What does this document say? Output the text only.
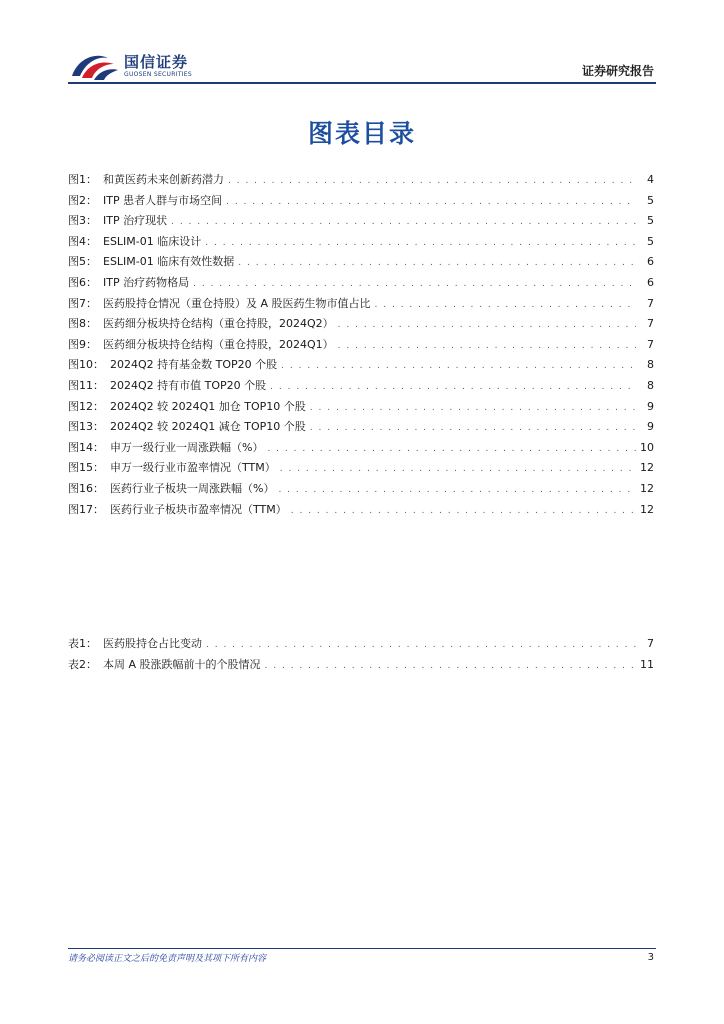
国信证券
GUOSEN SECURITIES	证券研究报告
图表目录
图1： 和黄医药未来创新药潜力 . . .	4
图2： ITP 患者人群与市场空间 . . .	5
图3： ITP 治疗现状 . . .	5
图4： ESLIM-01 临床设计 . . .	5
图5： ESLIM-01 临床有效性数据 . . .	6
图6： ITP 治疗药物格局 . . .	6
图7： 医药股持仓情况（重仓持股）及 A 股医药生物市值占比 . . .	7
图8： 医药细分板块持仓结构（重仓持股，2024Q2） . . .	7
图9： 医药细分板块持仓结构（重仓持股，2024Q1） . . .	7
图10： 2024Q2 持有基金数 TOP20 个股 . . .	8
图11： 2024Q2 持有市值 TOP20 个股 . . .	8
图12： 2024Q2 较 2024Q1 加仓 TOP10 个股 . . .	9
图13： 2024Q2 较 2024Q1 减仓 TOP10 个股 . . .	9
图14： 申万一级行业一周涨跌幅（%） . . .	10
图15： 申万一级行业市盈率情况（TTM） . . .	12
图16： 医药行业子板块一周涨跌幅（%） . . .	12
图17： 医药行业子板块市盈率情况（TTM） . . .	12
表1： 医药股持仓占比变动 . . .	7
表2： 本周 A 股涨跌幅前十的个股情况 . . .	11
请务必阅读正文之后的免责声明及其项下所有内容	3
